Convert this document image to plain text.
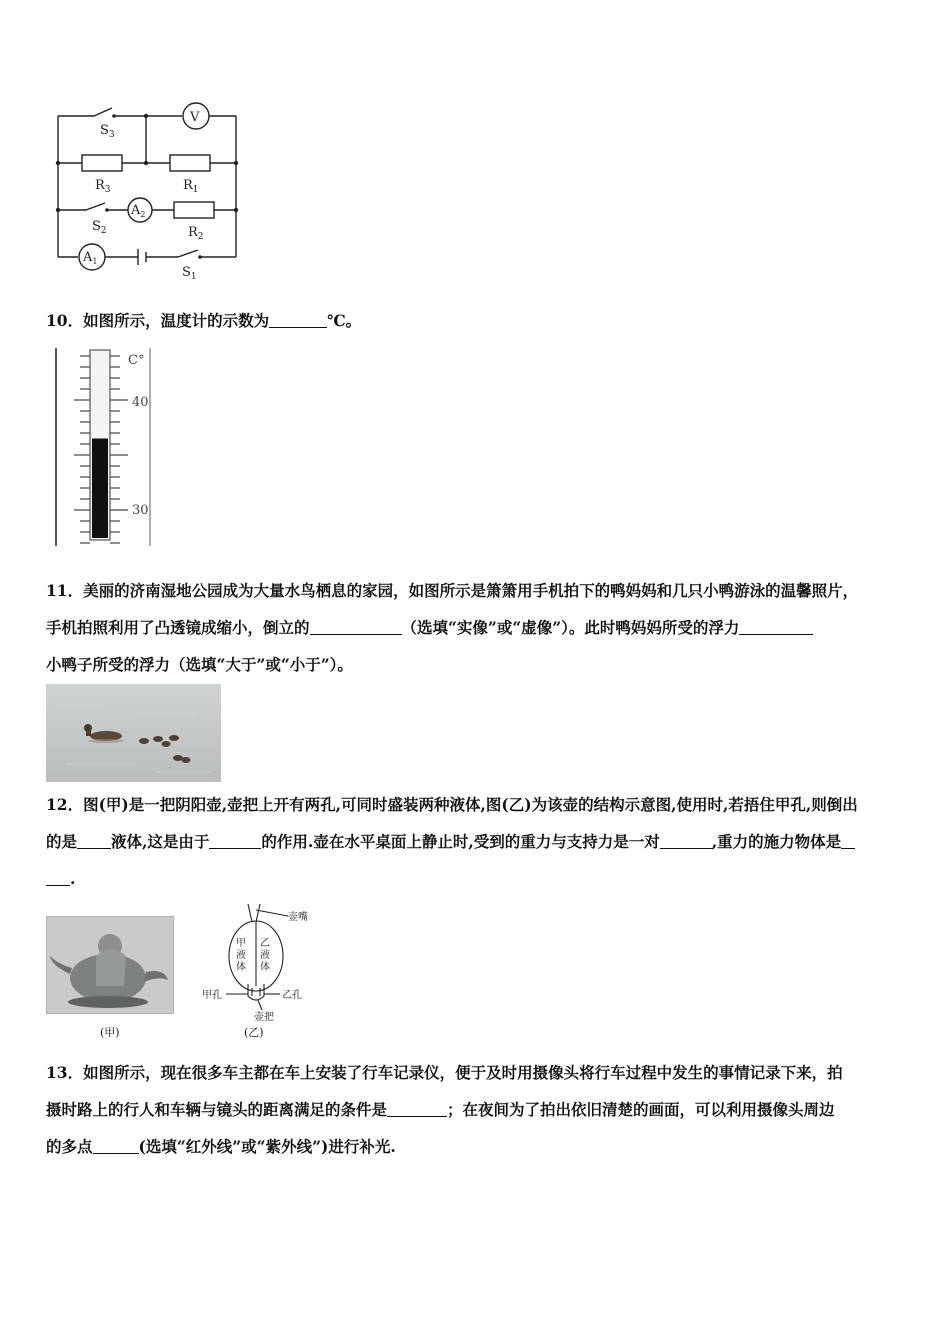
$S_3$
V
$R_3$	$R_1$
$S_2$
$A_2$
$R_2$
$A_1$
$S_1$
10．如图所示，温度计的示数为	℃。
C°
40
30
11．美丽的济南湿地公园成为大量水鸟栖息的家园，如图所示是箫箫用手机拍下的鸭妈妈和几只小鸭游泳的温馨照片，
手机拍照利用了凸透镜成缩小，倒立的	（选填“实像”或“虚像”）。此时鸭妈妈所受的浮力
小鸭子所受的浮力（选填“大于”或“小于”）。
12．图(甲)是一把阴阳壶,壶把上开有两孔,可同时盛装两种液体,图(乙)为该壶的结构示意图,使用时,若捂住甲孔,则倒出
的是 液体,这是由于	的作用.壶在水平桌面上静止时,受到的重力与支持力是一对	,重力的施力物体是
.
(甲)
壶嘴
甲
液
体
乙
液
体
甲孔	乙孔
壶把
(乙)
13．如图所示，现在很多车主都在车上安装了行车记录仪，便于及时用摄像头将行车过程中发生的事情记录下来，拍
摄时路上的行人和车辆与镜头的距离满足的条件是	；在夜间为了拍出依旧清楚的画面，可以利用摄像头周边
的多点	(选填“红外线”或“紫外线”)进行补光.
